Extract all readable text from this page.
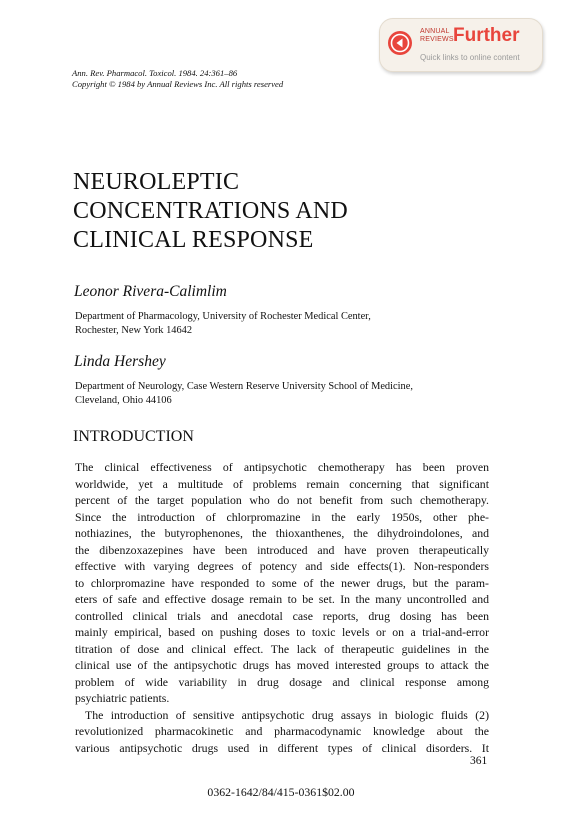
ANNUAL
REVIEWS Further
Quick links to online content
Ann. Rev. Pharmacol. Toxicol. 1984. 24:361–86
Copyright © 1984 by Annual Reviews Inc. All rights reserved
NEUROLEPTIC
CONCENTRATIONS AND
CLINICAL RESPONSE
Leonor Rivera-Calimlim
Department of Pharmacology, University of Rochester Medical Center,
Rochester, New York 14642
Linda Hershey
Department of Neurology, Case Western Reserve University School of Medicine,
Cleveland, Ohio 44106
INTRODUCTION
The clinical effectiveness of antipsychotic chemotherapy has been proven
worldwide, yet a multitude of problems remain concerning that significant
percent of the target population who do not benefit from such chemotherapy.
Since the introduction of chlorpromazine in the early 1950s, other phe-
nothiazines, the butyrophenones, the thioxanthenes, the dihydroindolones, and
the dibenzoxazepines have been introduced and have proven therapeutically
effective with varying degrees of potency and side effects(1). Non-responders
to chlorpromazine have responded to some of the newer drugs, but the param-
eters of safe and effective dosage remain to be set. In the many uncontrolled and
controlled clinical trials and anecdotal case reports, drug dosing has been
mainly empirical, based on pushing doses to toxic levels or on a trial-and-error
titration of dose and clinical effect. The lack of therapeutic guidelines in the
clinical use of the antipsychotic drugs has moved interested groups to attack the
problem of wide variability in drug dosage and clinical response among
psychiatric patients.
The introduction of sensitive antipsychotic drug assays in biologic fluids (2)
revolutionized pharmacokinetic and pharmacodynamic knowledge about the
various antipsychotic drugs used in different types of clinical disorders. It
361
0362-1642/84/415-0361$02.00
